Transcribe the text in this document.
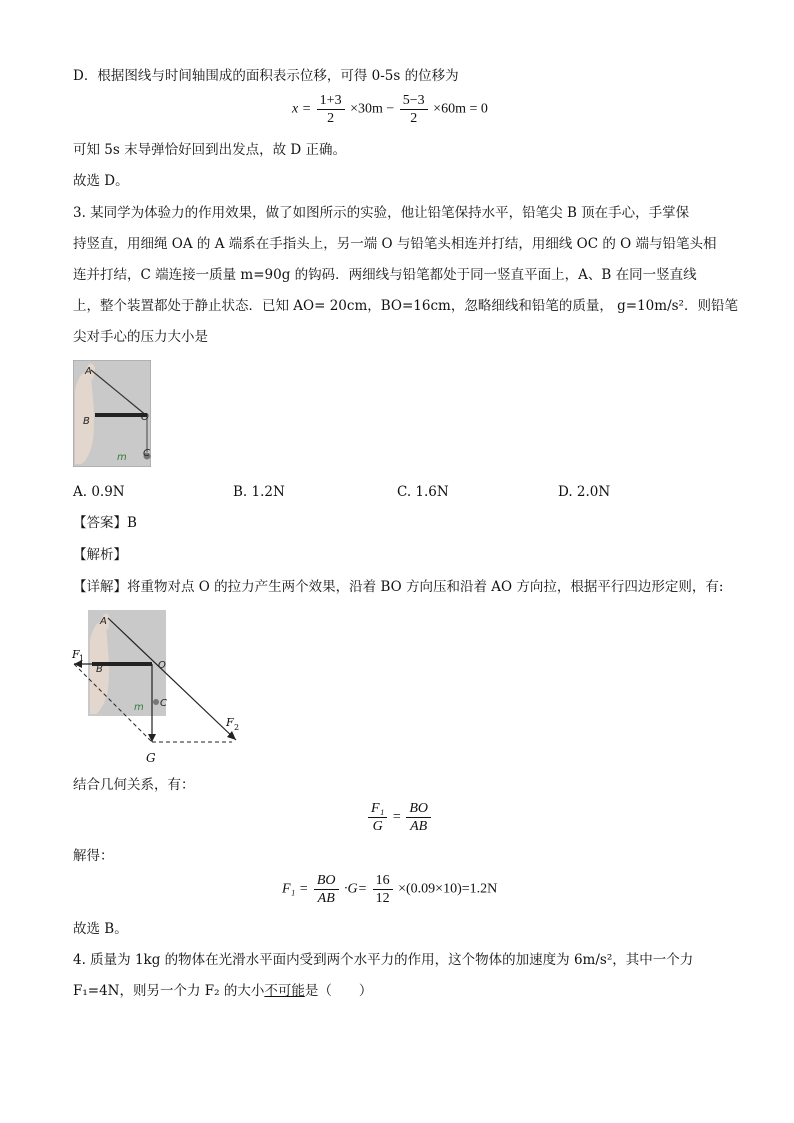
D．根据图线与时间轴围成的面积表示位移，可得 0-5s 的位移为
$x = \frac{1+3}{2} \times 30m - \frac{5-3}{2} \times 60m = 0$
可知 5s 末导弹恰好回到出发点，故 D 正确。
故选 D。
3. 某同学为体验力的作用效果，做了如图所示的实验，他让铅笔保持水平，铅笔尖 B 顶在手心，手掌保
持竖直，用细绳 OA 的 A 端系在手指头上，另一端 O 与铅笔头相连并打结，用细线 OC 的 O 端与铅笔头相
连并打结，C 端连接一质量 m=90g 的钩码．两细线与铅笔都处于同一竖直平面上，A、B 在同一竖直线
上，整个装置都处于静止状态．已知 AO= 20cm，BO=16cm，忽略细线和铅笔的质量， g=10m/s²．则铅笔
尖对手心的压力大小是
A
B	O
m C
A. 0.9N	B. 1.2N	C. 1.6N	D. 2.0N
【答案】B
【解析】
【详解】将重物对点 O 的拉力产生两个效果，沿着 BO 方向压和沿着 AO 方向拉，根据平行四边形定则，有:
F 1
A
B	O
m C
F 2
G
结合几何关系，有：
$\frac{\text{F₁}}{G} = \frac{BO}{AB}$
解得：
$F_1 = \frac{BO}{AB} \cdot G= \frac{16}{12} \times(0.09\times 10)=1.2N$
故选 B。
4. 质量为 1kg 的物体在光滑水平面内受到两个水平力的作用，这个物体的加速度为 6m/s²，其中一个力
F₁=4N，则另一个力 F₂ 的大小不可能是（　　）
